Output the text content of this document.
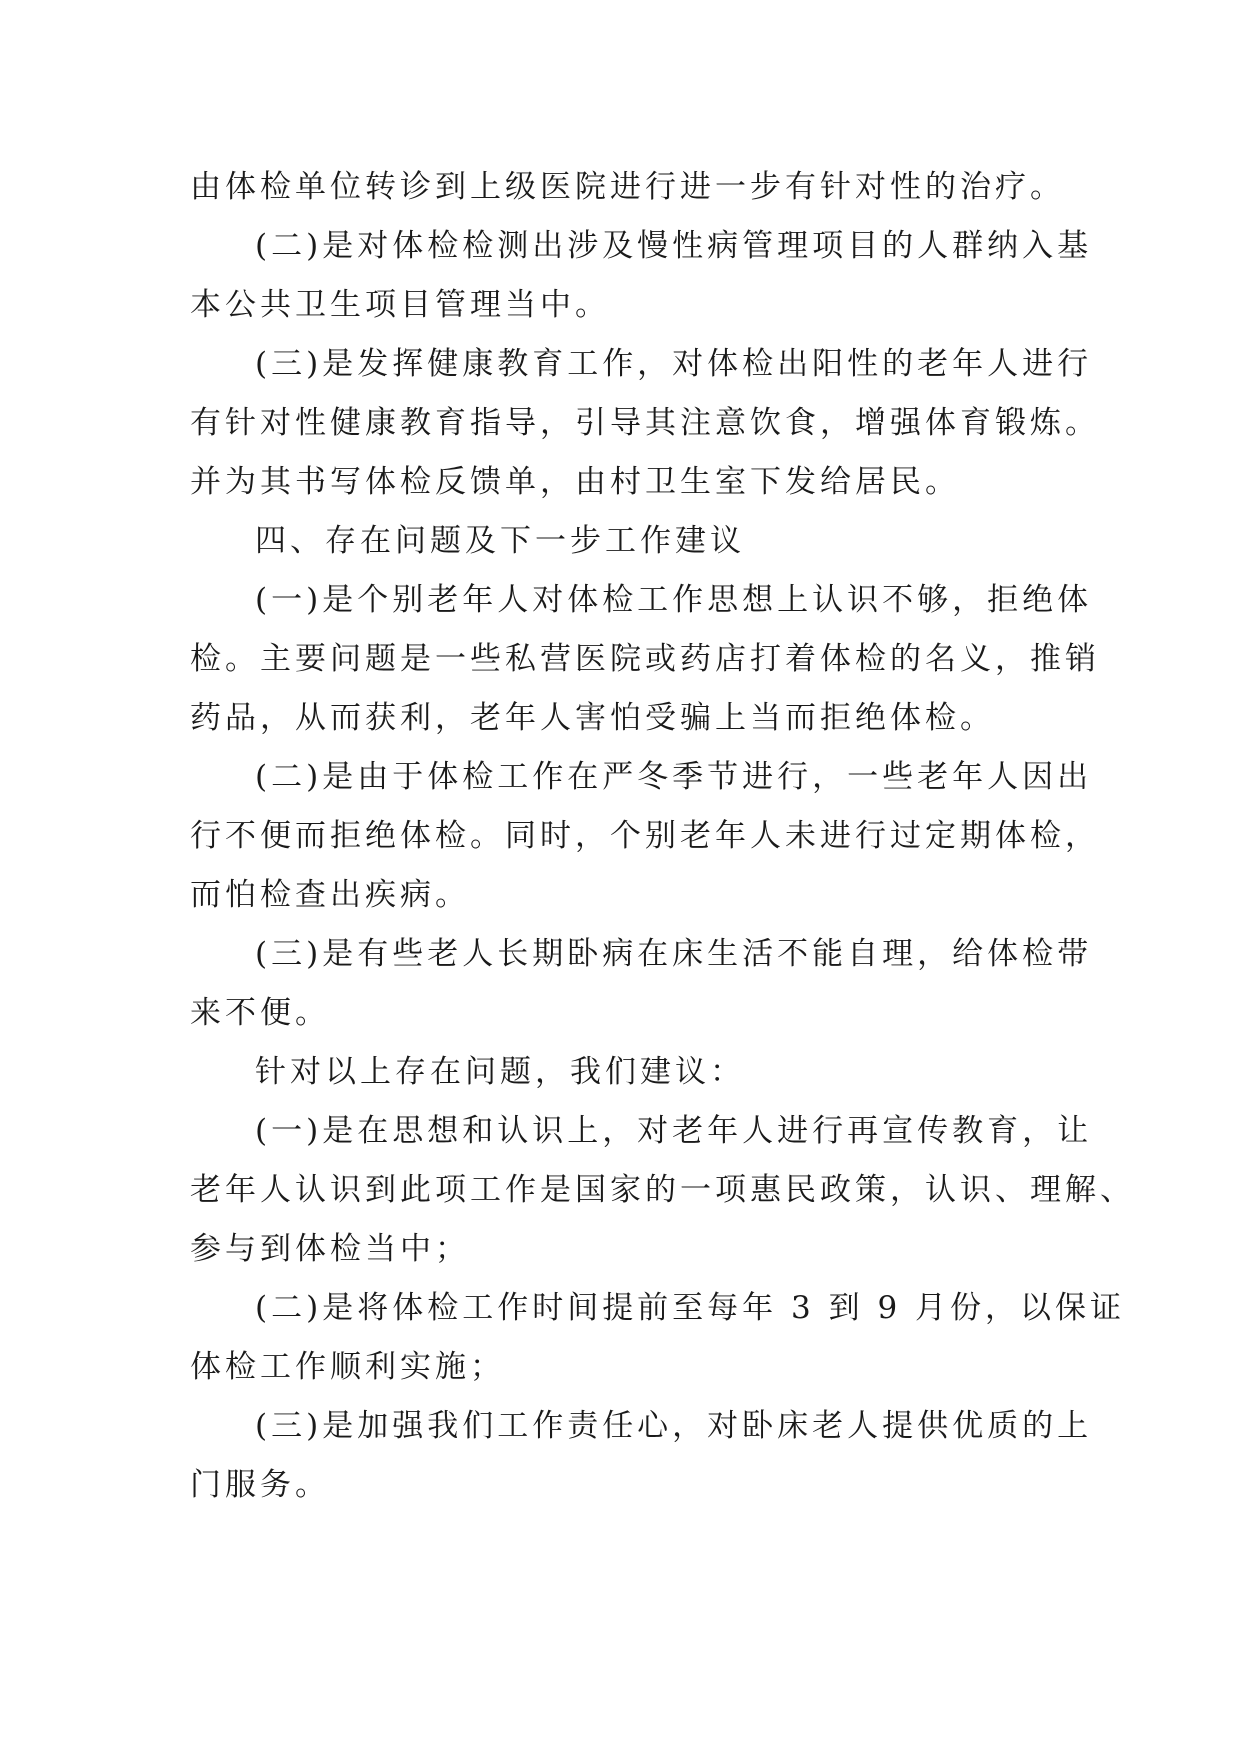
由体检单位转诊到上级医院进行进一步有针对性的治疗。
(二)是对体检检测出涉及慢性病管理项目的人群纳入基
本公共卫生项目管理当中。
(三)是发挥健康教育工作，对体检出阳性的老年人进行
有针对性健康教育指导，引导其注意饮食，增强体育锻炼。
并为其书写体检反馈单，由村卫生室下发给居民。
四、存在问题及下一步工作建议
(一)是个别老年人对体检工作思想上认识不够，拒绝体
检。主要问题是一些私营医院或药店打着体检的名义，推销
药品，从而获利，老年人害怕受骗上当而拒绝体检。
(二)是由于体检工作在严冬季节进行，一些老年人因出
行不便而拒绝体检。同时，个别老年人未进行过定期体检，
而怕检查出疾病。
(三)是有些老人长期卧病在床生活不能自理，给体检带
来不便。
针对以上存在问题，我们建议：
(一)是在思想和认识上，对老年人进行再宣传教育，让
老年人认识到此项工作是国家的一项惠民政策，认识、理解、
参与到体检当中；
(二)是将体检工作时间提前至每年 3 到 9 月份，以保证
体检工作顺利实施；
(三)是加强我们工作责任心，对卧床老人提供优质的上
门服务。
